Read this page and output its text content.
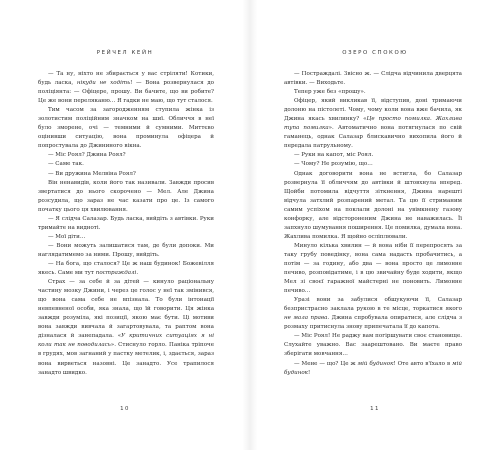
РЕЙЧЕЛ КЕЙН

— Та ну, ніхто не збирається у вас стріляти! Котики, будь ласка, нікуди не ходіть! — Вона розвернулася до поліціянта: — Офіцере, прошу. Ви бачите, що ви робите? Це же вони переляканю… Я гадки не маю, що тут сталося.

Тим часом за загородженням ступила жінка із золотистим поліційним значком на шиї. Обличчя в неї було зморене, очі — темними й сумними. Миттєво оцінивши ситуацію, вона проминула офіцера й попростувала до Джининого вікна.

— Міс Роял? Джина Роял?

— Саме так.

— Ви дружина Мелвіна Роял?

Він ненавидів, коли його так називали. Завжди просив звертатися до нього скорочено — Мел. Але Джина розсудила, що зараз не час казати про це. Із самого початку цього ця хвилювання.

— Я слідча Салазар. Будь ласка, вийдіть з автівки. Руки тримайте на видноті.

— Мої діти…

— Вони можуть залишатися там, де були допоки. Ми наглядатимемо за ними. Прошу, вийдіть.

— На бога, що сталося? Це ж наш будинок! Божевілля якесь. Саме ми тут постраждалі.

Страх — за себе й за дітей — кинуло раціональну частину мозку Джини, і через це голос у неї так змінився, що вона сама себе не впізнала. То були інтонації невпевненої особи, яка знала, що їй говорити. Ця жінка завжди розуміла, які позиції, якою має бути. Ці мотиви вона завжди вивчала й загартовувала, та раптом вона дізналася й занепадала. «У критичних ситуаціях я ні коли так не поводилась». Стиснуло горло. Паніка тріпоче в грудях, мов загнаний у пастку метелик, і, здається, зараз вона вирветься назовні. Це занадто. Усе трапилося занадто швидко.

10
ОЗЕРО СПОКОЮ

— Постраждалі. Звісно ж. — Слідча відчинила дверцята автівки. — Виходьте.

Тепер уже без «прошу».

Офіцер, який викликав її, відступив, доні тримаючи долоню на пістолеті. Чому, чому коли вона вже бачила, як Джина якась хвилинку? «Це просто помилка. Жахлива тупа помилка». Автоматично вона потягнулася по свій гаманець, однак Салазар блискавично вихопила його й передала патрульному.

— Руки на капот, міс Роял.

— Чому? Не розумію, що…

Однак договорити вона не встигла, бо Салазар розвернула її обличчям до автівки й штовхнула вперед. Щойби потомила відчуття зіткнення, Джина нарешті відчула затхлий розпарений метал. Та цю її стриманим самим успіхом на поклали долоні на увімкнену газову конфорку, але відстороненим Джина не наважилась. Її запхнуло шумування поширення. Це помилка, думала вона. Жахлива помилка. Я щойно осліплювали.

Минуло кілька хвилин — й вона ніби її перепросять за таку грубу поведінку, вона сама надасть пробачитись, а потім — за годину, або два — вона просто це лимонне печиво, розповідатиме, і в цю звичайну буде ходити, якщо Мел зі своєї гаражної майстерні не поновить. Лимонне печиво…

Уразі вони за забулися обшукуючи її, Салазар безпристрасно заклала рукою в те місце, торкатися якого не мала права. Джина спробувала опиратися, але слідча з розмаху притиснула знову припечатала її до капота.

— Міс Роял! Не раджу вам погіршувати своє становище. Слухайте уважно. Вас заарештовано. Ви маєте право зберігати мовчання…

— Мене — що? Це ж мій будинок! Оте авто в'їхало в мій будинок!

11
